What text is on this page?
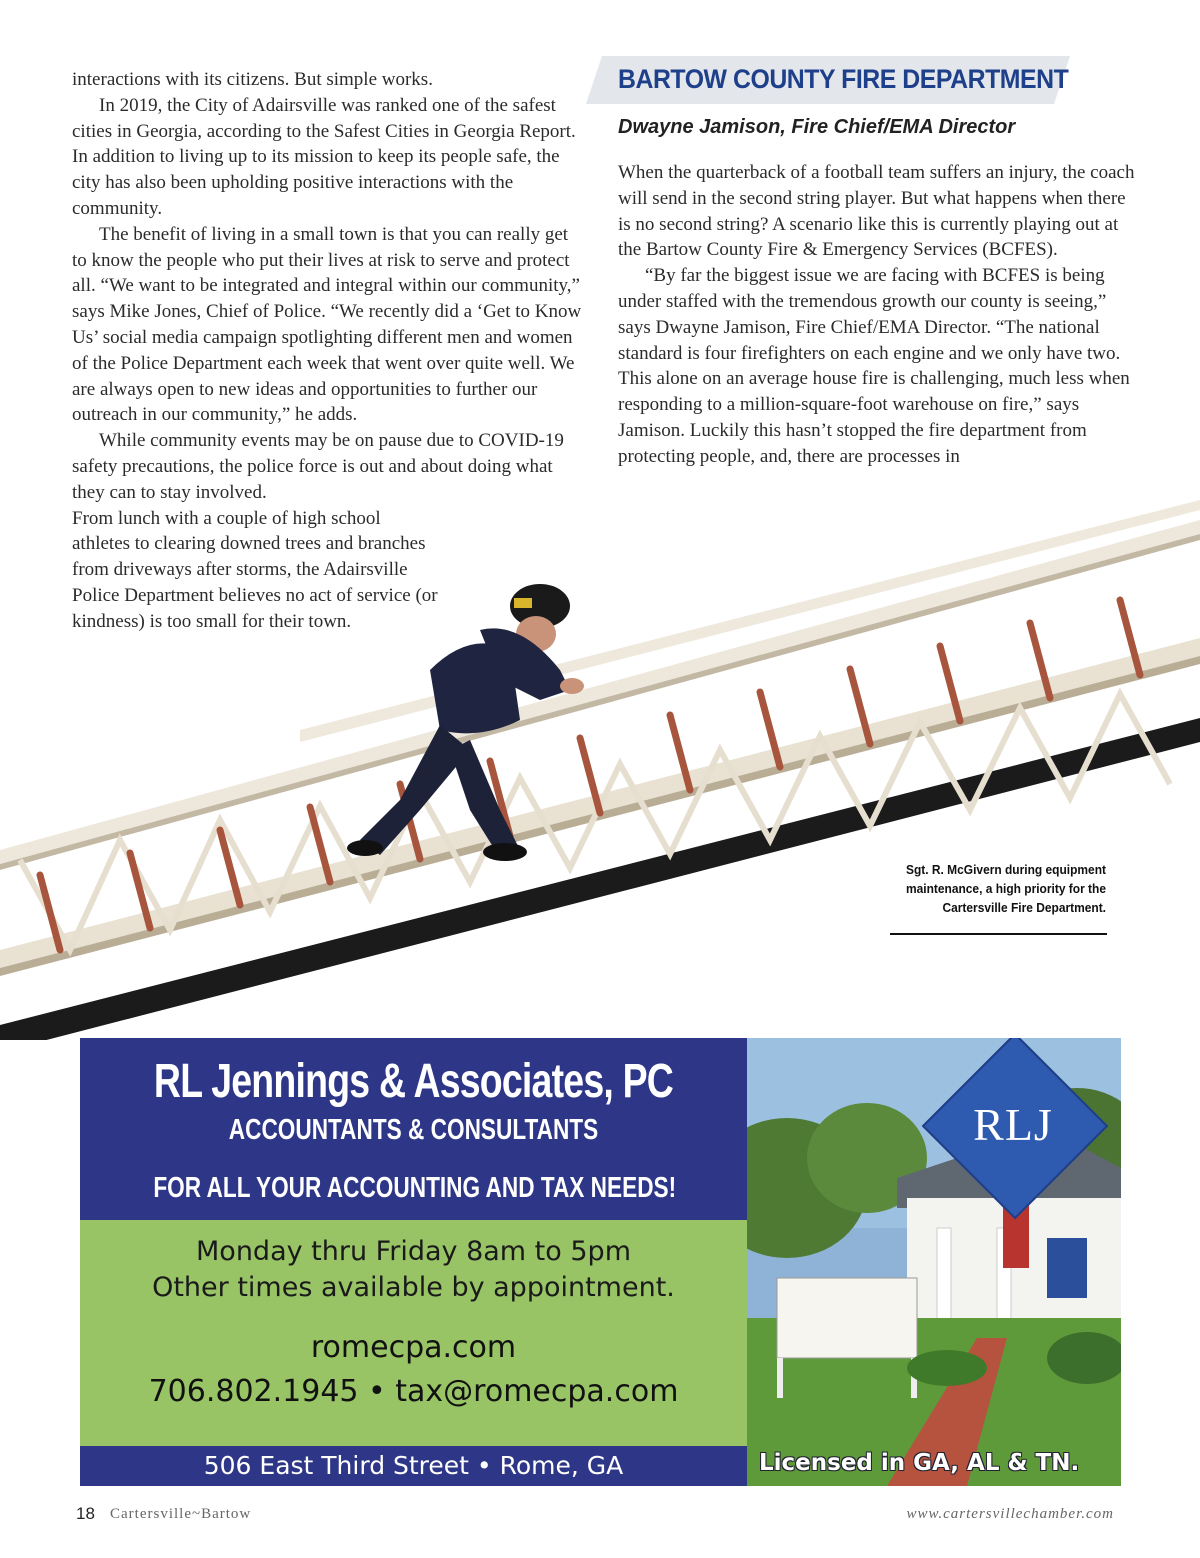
interactions with its citizens. But simple works.

In 2019, the City of Adairsville was ranked one of the safest cities in Georgia, according to the Safest Cities in Georgia Report. In addition to living up to its mission to keep its people safe, the city has also been upholding positive interactions with the community.

The benefit of living in a small town is that you can really get to know the people who put their lives at risk to serve and protect all. “We want to be integrated and integral within our community,” says Mike Jones, Chief of Police. “We recently did a ‘Get to Know Us’ social media campaign spotlighting different men and women of the Police Department each week that went over quite well. We are always open to new ideas and opportunities to further our outreach in our community,” he adds.

While community events may be on pause due to COVID-19 safety precautions, the police force is out and about doing what they can to stay involved.

From lunch with a couple of high school athletes to clearing downed trees and branches from driveways after storms, the Adairsville Police Department believes no act of service (or kindness) is too small for their town.

BARTOW COUNTY FIRE DEPARTMENT
Dwayne Jamison, Fire Chief/EMA Director

When the quarterback of a football team suffers an injury, the coach will send in the second string player. But what happens when there is no second string? A scenario like this is currently playing out at the Bartow County Fire & Emergency Services (BCFES).

“By far the biggest issue we are facing with BCFES is being under staffed with the tremendous growth our county is seeing,” says Dwayne Jamison, Fire Chief/EMA Director. “The national standard is four firefighters on each engine and we only have two. This alone on an average house fire is challenging, much less when responding to a million-square-foot warehouse on fire,” says Jamison. Luckily this hasn’t stopped the fire department from protecting people, and, there are processes in

Sgt. R. McGivern during equipment maintenance, a high priority for the Cartersville Fire Department.
RL Jennings & Associates, PC
ACCOUNTANTS & CONSULTANTS
FOR ALL YOUR ACCOUNTING AND TAX NEEDS!
Monday thru Friday 8am to 5pm
Other times available by appointment.
romecpa.com
706.802.1945 • tax@romecpa.com
506 East Third Street • Rome, GA
RLJ
Licensed in GA, AL & TN.
18 Cartersville~Bartow	www.cartersvillechamber.com
